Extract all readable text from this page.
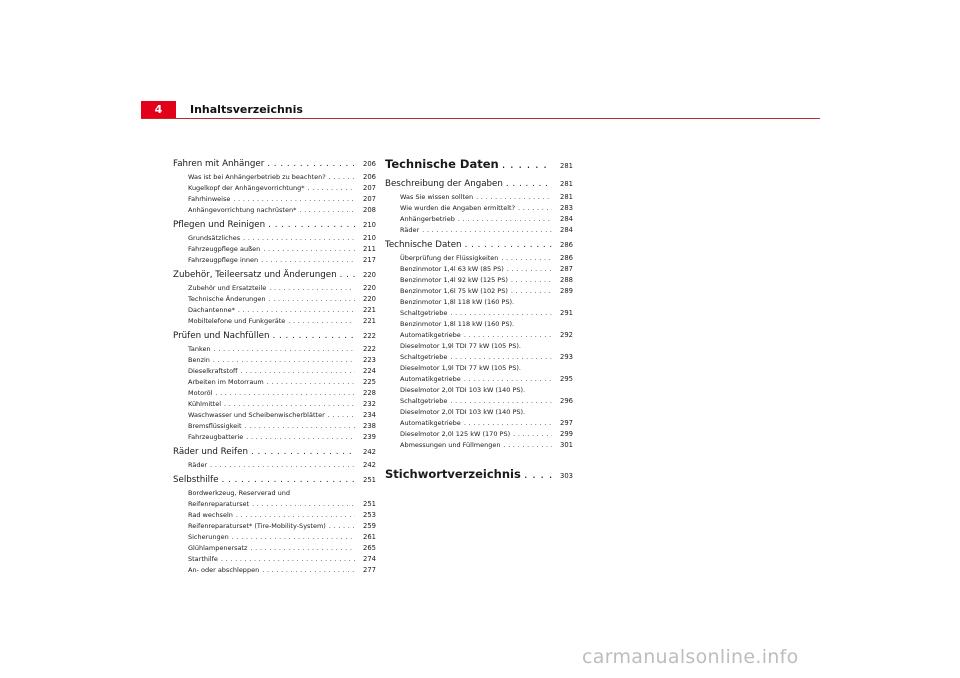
4	Inhaltsverzeichnis
Fahren mit Anhänger . . .	206
Was ist bei Anhängerbetrieb zu beachten? . . .	206
Kugelkopf der Anhängevorrichtung* . . .	207
Fahrhinweise . . .	207
Anhängevorrichtung nachrüsten* . . .	208
Pflegen und Reinigen . . .	210
Grundsätzliches . . .	210
Fahrzeugpflege außen . . .	211
Fahrzeugpflege innen . . .	217
Zubehör, Teileersatz und Änderungen . . .	220
Zubehör und Ersatzteile . . .	220
Technische Änderungen . . .	220
Dachantenne* . . .	221
Mobiltelefone und Funkgeräte . . .	221
Prüfen und Nachfüllen . . .	222
Tanken . . .	222
Benzin . . .	223
Dieselkraftstoff . . .	224
Arbeiten im Motorraum . . .	225
Motoröl . . .	228
Kühlmittel . . .	232
Waschwasser und Scheibenwischerblätter . . .	234
Bremsflüssigkeit . . .	238
Fahrzeugbatterie . . .	239
Räder und Reifen . . .	242
Räder . . .	242
Selbsthilfe . . .	251
Bordwerkzeug, Reserverad und
Reifenreparaturset . . .	251
Rad wechseln . . .	253
Reifenreparaturset* (Tire-Mobility-System) . . .	259
Sicherungen . . .	261
Glühlampenersatz . . .	265
Starthilfe . . .	274
An- oder abschleppen . . .	277
Technische Daten . . .	281
Beschreibung der Angaben . . .	281
Was Sie wissen sollten . . .	281
Wie wurden die Angaben ermittelt? . . .	283
Anhängerbetrieb . . .	284
Räder . . .	284
Technische Daten . . .	286
Überprüfung der Flüssigkeiten . . .	286
Benzinmotor 1,4l 63 kW (85 PS) . . .	287
Benzinmotor 1,4l 92 kW (125 PS) . . .	288
Benzinmotor 1,6l 75 kW (102 PS) . . .	289
Benzinmotor 1,8l 118 kW (160 PS).
Schaltgetriebe . . .	291
Benzinmotor 1,8l 118 kW (160 PS).
Automatikgetriebe . . .	292
Dieselmotor 1,9l TDI 77 kW (105 PS).
Schaltgetriebe . . .	293
Dieselmotor 1,9l TDI 77 kW (105 PS).
Automatikgetriebe . . .	295
Dieselmotor 2,0l TDI 103 kW (140 PS).
Schaltgetriebe . . .	296
Dieselmotor 2,0l TDI 103 kW (140 PS).
Automatikgetriebe . . .	297
Dieselmotor 2,0l 125 kW (170 PS) . . .	299
Abmessungen und Füllmengen . . .	301
Stichwortverzeichnis . . .	303
carmanualsonline.info
